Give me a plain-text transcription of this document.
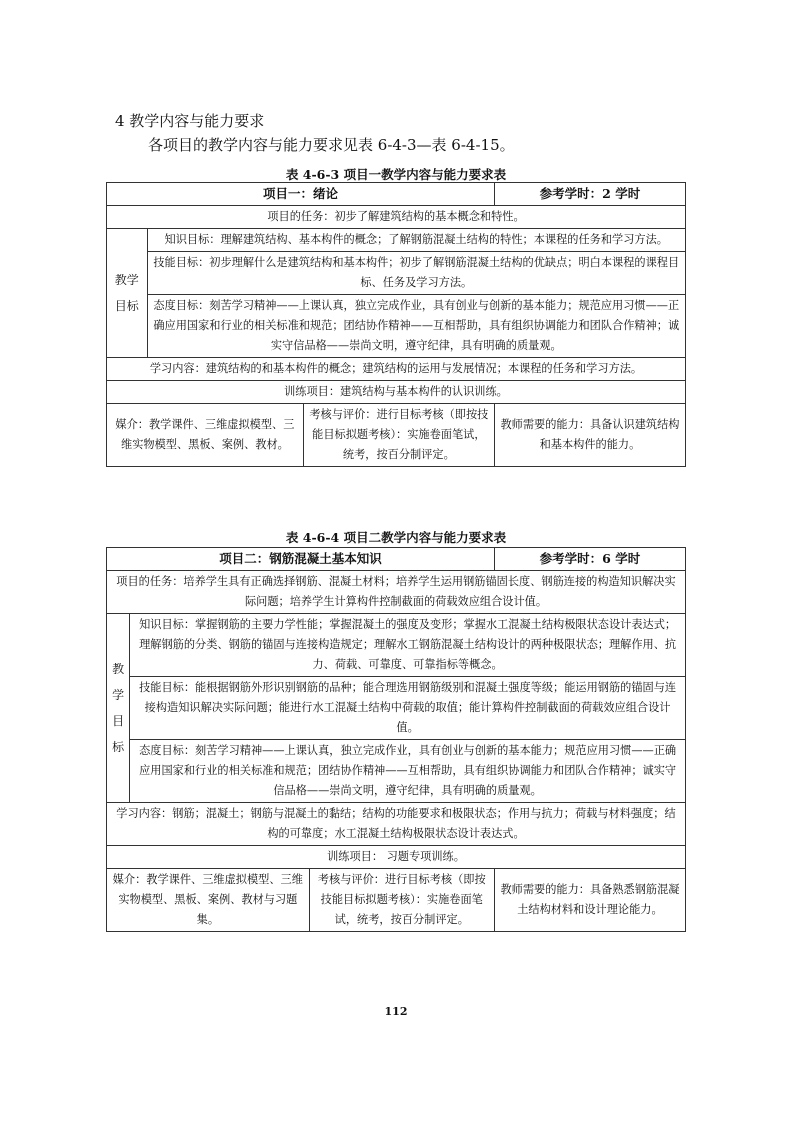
4 教学内容与能力要求
各项目的教学内容与能力要求见表 6-4-3—表 6-4-15。
表 4-6-3 项目一教学内容与能力要求表
项目一：绪论			参考学时：2 学时
项目的任务：初步了解建筑结构的基本概念和特性。			
教学目标	知识目标：理解建筑结构、基本构件的概念；了解钢筋混凝土结构的特性；本课程的任务和学习方法。		
	技能目标：初步理解什么是建筑结构和基本构件；初步了解钢筋混凝土结构的优缺点；明白本课程的课程目标、任务及学习方法。		
	态度目标：刻苦学习精神——上课认真，独立完成作业，具有创业与创新的基本能力；规范应用习惯——正确应用国家和行业的相关标准和规范；团结协作精神——互相帮助，具有组织协调能力和团队合作精神；诚实守信品格——崇尚文明，遵守纪律，具有明确的质量观。		
学习内容：建筑结构的和基本构件的概念；建筑结构的运用与发展情况；本课程的任务和学习方法。			
训练项目：建筑结构与基本构件的认识训练。			
媒介：教学课件、三维虚拟模型、三维实物模型、黑板、案例、教材。		考核与评价：进行目标考核（即按技能目标拟题考核）：实施卷面笔试，统考，按百分制评定。	教师需要的能力：具备认识建筑结构和基本构件的能力。
表 4-6-4 项目二教学内容与能力要求表
项目二：钢筋混凝土基本知识			参考学时：6 学时
项目的任务：培养学生具有正确选择钢筋、混凝土材料；培养学生运用钢筋锚固长度、钢筋连接的构造知识解决实际问题；培养学生计算构件控制截面的荷载效应组合设计值。			
教学目标	知识目标：掌握钢筋的主要力学性能；掌握混凝土的强度及变形；掌握水工混凝土结构极限状态设计表达式；理解钢筋的分类、钢筋的锚固与连接构造规定；理解水工钢筋混凝土结构设计的两种极限状态；理解作用、抗力、荷载、可靠度、可靠指标等概念。		
	技能目标：能根据钢筋外形识别钢筋的品种；能合理选用钢筋级别和混凝土强度等级；能运用钢筋的锚固与连接构造知识解决实际问题；能进行水工混凝土结构中荷载的取值；能计算构件控制截面的荷载效应组合设计值。		
	态度目标：刻苦学习精神——上课认真，独立完成作业，具有创业与创新的基本能力；规范应用习惯——正确应用国家和行业的相关标准和规范；团结协作精神——互相帮助，具有组织协调能力和团队合作精神；诚实守信品格——崇尚文明，遵守纪律，具有明确的质量观。		
学习内容：钢筋；混凝土；钢筋与混凝土的黏结；结构的功能要求和极限状态；作用与抗力；荷载与材料强度；结构的可靠度；水工混凝土结构极限状态设计表达式。			
训练项目： 习题专项训练。			
媒介：教学课件、三维虚拟模型、三维实物模型、黑板、案例、教材与习题集。		考核与评价：进行目标考核（即按技能目标拟题考核）：实施卷面笔试，统考，按百分制评定。	教师需要的能力：具备熟悉钢筋混凝土结构材料和设计理论能力。
112
